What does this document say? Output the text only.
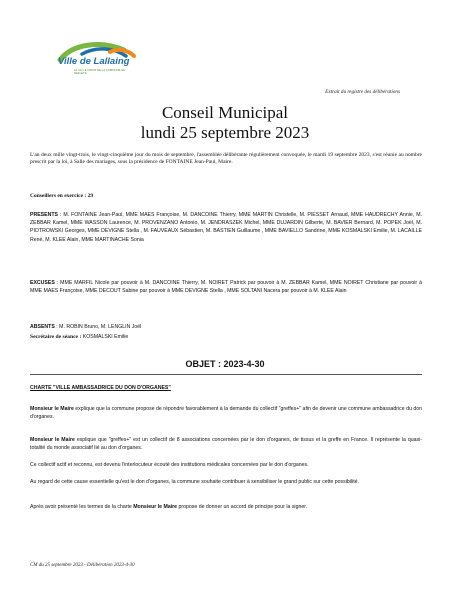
Ville de Lallaing
LÀ OÙ LE CŒUR DE LA COMMUNE SE REFLÈTE
Extrait du registre des délibérations
Conseil Municipal
lundi 25 septembre 2023
L'an deux mille vingt-trois, le vingt-cinquième jour du mois de septembre, l'assemblée délibérante régulièrement convoquée, le mardi 19 septembre 2023, s'est réunie au nombre prescrit par la loi, à Salle des mariages, sous la présidence de FONTAINE Jean-Paul, Maire.
Conseillers en exercice : 29
PRESENTS : M. FONTAINE Jean-Paul, MME MAES Françoise, M. DANCOINE Thierry, MME MARTIN Christelle, M. PIESSET Arnaud, MME HAUDRECHY Annie, M. ZEBBAR Kamel, MME WASSON Laurence, M. PROVENZANO Antonio, M. JENDRASZEK Michel, MME DUJARDIN Gilberte, M. BAVIER Bernard, M. POPEK Joël, M. PIOTROWSKI Georges, MME DEVIGNE Stella , M. FAUVEAUX Sébastien, M. BASTIEN Guillaume , MME BAVIELLO Sandrine, MME KOSMALSKI Emilie, M. LACAILLE René, M. KLEE Alain, MME MARTINACHE Sonia
EXCUSES : MME MARFIL Nicole par pouvoir à M. DANCOINE Thierry, M. NOIRET Patrick par pouvoir à M. ZEBBAR Kamel, MME NOIRET Christiane par pouvoir à MME MAES Françoise, MME DECOUT Sabine par pouvoir à MME DEVIGNE Stella , MME SOLTANI Nacera par pouvoir à M. KLEE Alain
ABSENTS : M. ROBIN Bruno, M. LENGLIN Joël
Secrétaire de séance : KOSMALSKI Emilie
OBJET : 2023-4-30
CHARTE "VILLE AMBASSADRICE DU DON D'ORGANES"
Monsieur le Maire explique que la commune propose de répondre favorablement à la demande du collectif "greffes+" afin de devenir une commune ambassadrice du don d'organes.
Monsieur le Maire explique que "greffes+" est un collectif de 8 associations concernées par le don d'organes, de tissus et la greffe en France. Il représente la quasi-totalité du monde associatif lié au don d'organes.
Ce collectif actif et reconnu, est devenu l'interlocuteur écouté des institutions médicales concernées par le don d'organes.
Au regard de cette cause essentielle qu'est le don d'organes, la commune souhaite contribuer à sensibiliser le grand public sur cette possibilité.
Après avoir présenté les termes de la charte Monsieur le Maire propose de donner un accord de principe pour la signer.
CM du 25 septembre 2023 - Délibération 2023-4-30
